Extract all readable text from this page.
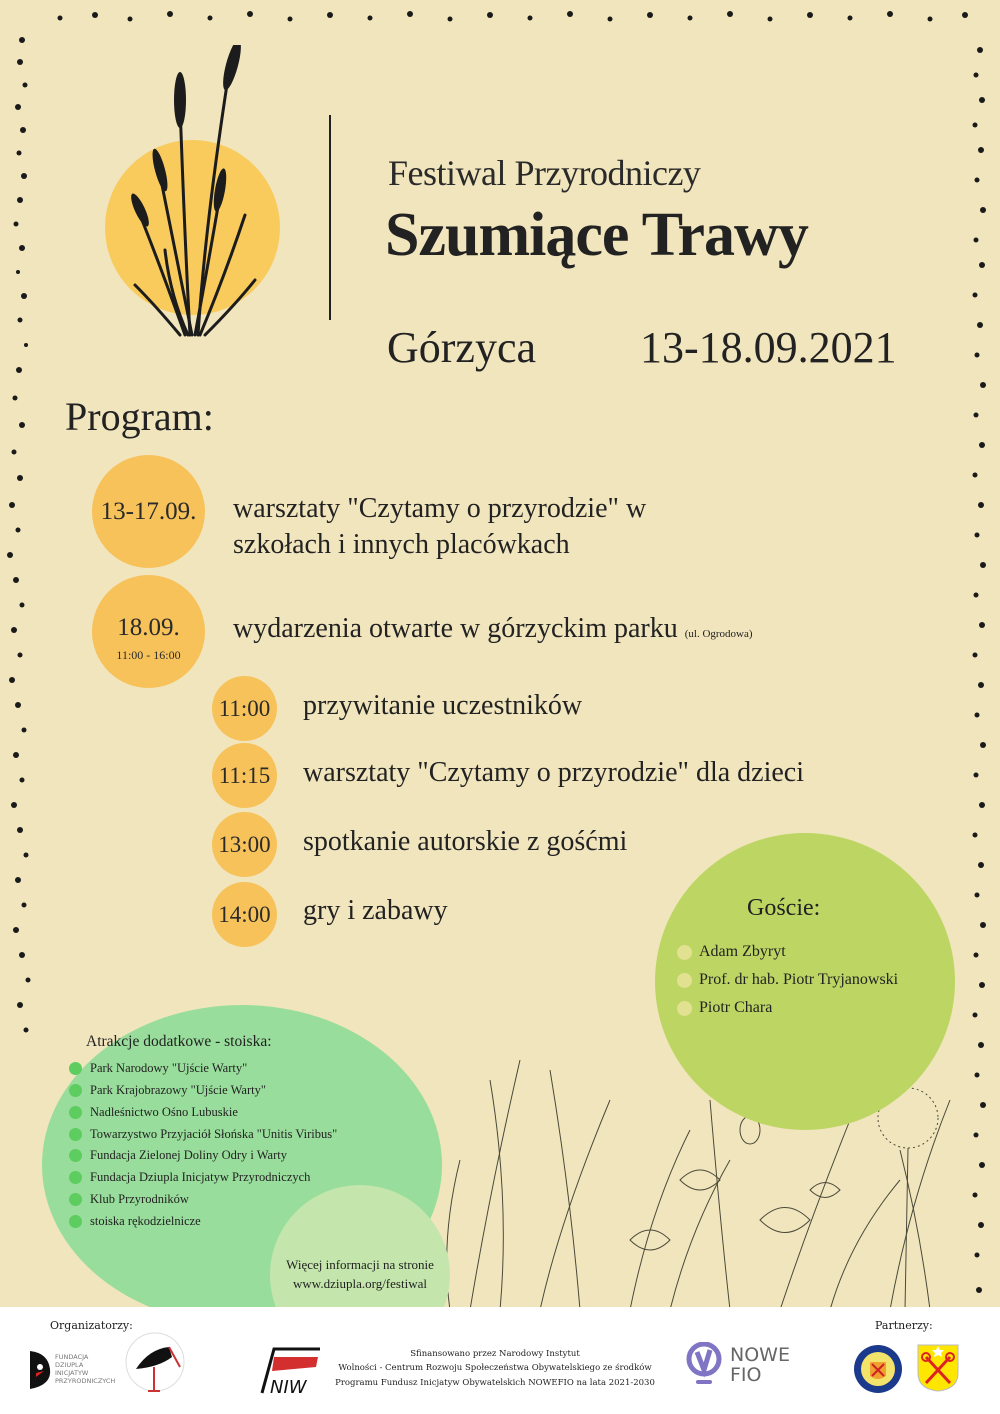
Festiwal Przyrodniczy
Szumiące Trawy
Górzyca 13-18.09.2021
Program:
13-17.09. warsztaty "Czytamy o przyrodzie" w
szkołach i innych placówkach
18.09.
11:00 - 16:00
wydarzenia otwarte w górzyckim parku (ul. Ogrodowa)
11:00 przywitanie uczestników
11:15 warsztaty "Czytamy o przyrodzie" dla dzieci
13:00 spotkanie autorskie z gośćmi
14:00 gry i zabawy	Goście:
Adam Zbyryt
Prof. dr hab. Piotr Tryjanowski
Piotr Chara
Atrakcje dodatkowe - stoiska:
Park Narodowy "Ujście Warty"
Park Krajobrazowy "Ujście Warty"
Nadleśnictwo Ośno Lubuskie
Towarzystwo Przyjaciół Słońska "Unitis Viribus"
Fundacja Zielonej Doliny Odry i Warty
Fundacja Dziupla Inicjatyw Przyrodniczych
Klub Przyrodników
stoiska rękodzielnicze
Więcej informacji na stronie
www.dziupla.org/festiwal
Organizatorzy:	Partnerzy:
FUNDACJA
DZIUPLA
INICJATYW
PRZYRODNICZYCH	NIW
Sfinansowano przez Narodowy Instytut
Wolności - Centrum Rozwoju Społeczeństwa Obywatelskiego ze środków
Programu Fundusz Inicjatyw Obywatelskich NOWEFIO na lata 2021-2030
NOWE
FIO
